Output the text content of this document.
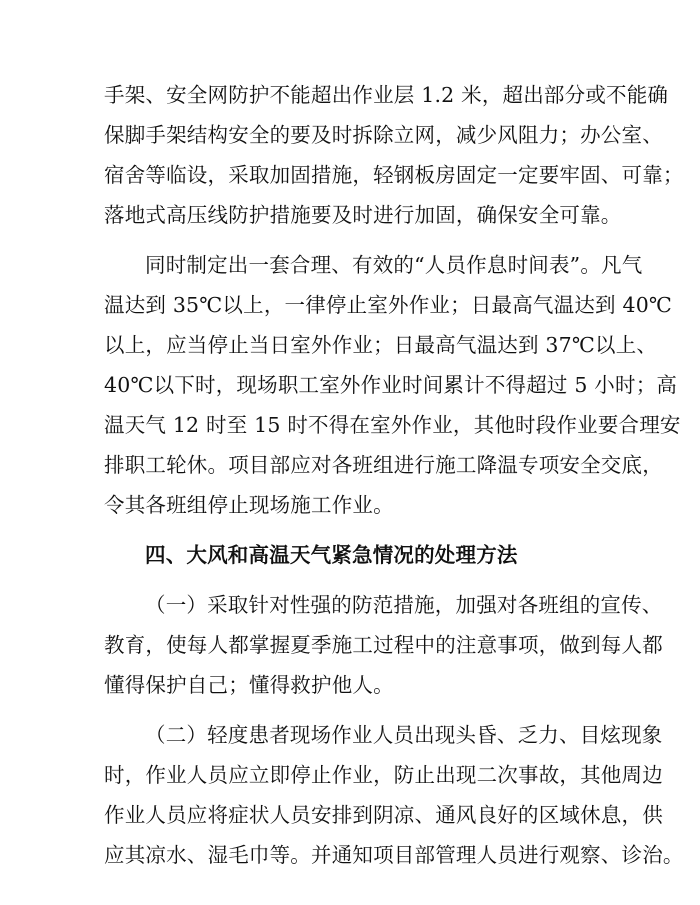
手架、安全网防护不能超出作业层 1.2 米，超出部分或不能确
保脚手架结构安全的要及时拆除立网，减少风阻力；办公室、
宿舍等临设，采取加固措施，轻钢板房固定一定要牢固、可靠；
落地式高压线防护措施要及时进行加固，确保安全可靠。
同时制定出一套合理、有效的“人员作息时间表”。凡气
温达到 35℃以上，一律停止室外作业；日最高气温达到 40℃
以上，应当停止当日室外作业；日最高气温达到 37℃以上、
40℃以下时，现场职工室外作业时间累计不得超过 5 小时；高
温天气 12 时至 15 时不得在室外作业，其他时段作业要合理安
排职工轮休。项目部应对各班组进行施工降温专项安全交底，
令其各班组停止现场施工作业。
四、大风和高温天气紧急情况的处理方法
（一）采取针对性强的防范措施，加强对各班组的宣传、
教育，使每人都掌握夏季施工过程中的注意事项，做到每人都
懂得保护自己；懂得救护他人。
（二）轻度患者现场作业人员出现头昏、乏力、目炫现象
时，作业人员应立即停止作业，防止出现二次事故，其他周边
作业人员应将症状人员安排到阴凉、通风良好的区域休息，供
应其凉水、湿毛巾等。并通知项目部管理人员进行观察、诊治。
